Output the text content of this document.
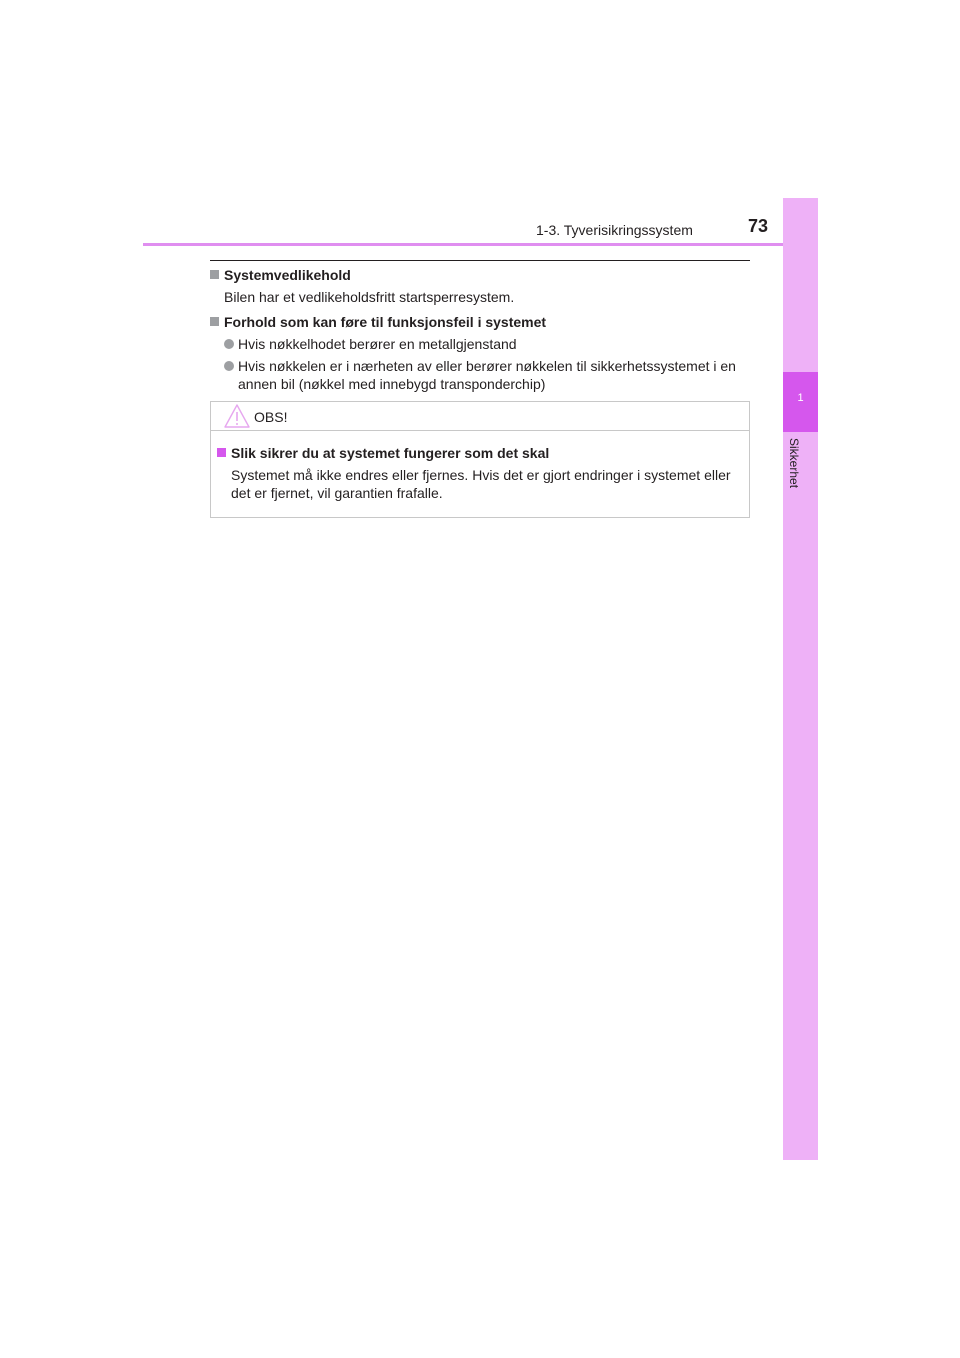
1-3. Tyverisikringssystem	73
1
Sikkerhet

Systemvedlikehold

Bilen har et vedlikeholdsfritt startsperresystem.

Forhold som kan føre til funksjonsfeil i systemet

Hvis nøkkelhodet berører en metallgjenstand
Hvis nøkkelen er i nærheten av eller berører nøkkelen til sikkerhetssystemet i en annen bil (nøkkel med innebygd transponderchip)
OBS!

Slik sikrer du at systemet fungerer som det skal

Systemet må ikke endres eller fjernes. Hvis det er gjort endringer i systemet eller det er fjernet, vil garantien frafalle.
